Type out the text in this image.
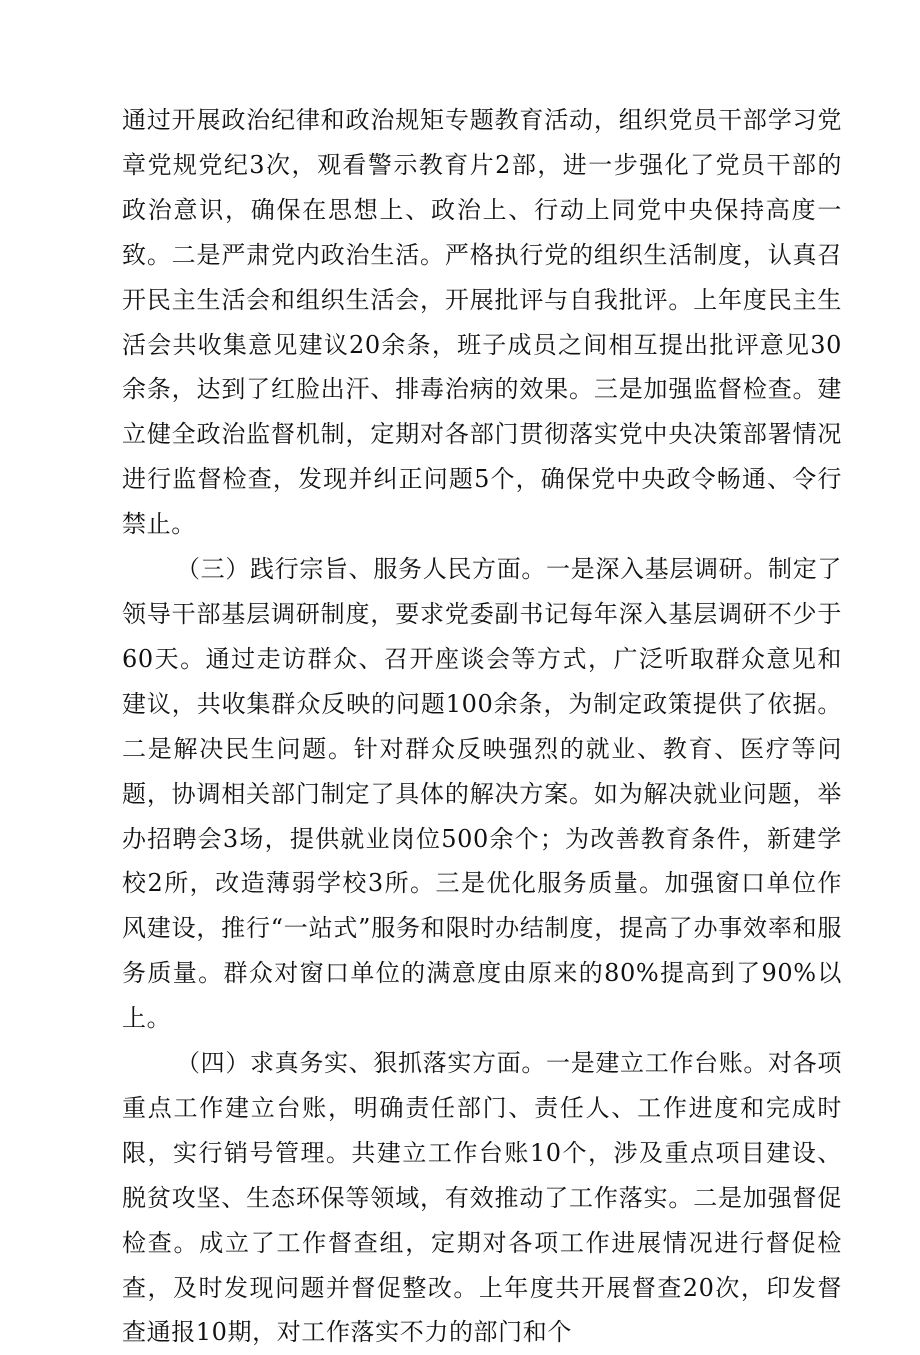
通过开展政治纪律和政治规矩专题教育活动，组织党员干部学习党章党规党纪3次，观看警示教育片2部，进一步强化了党员干部的政治意识，确保在思想上、政治上、行动上同党中央保持高度一致。二是严肃党内政治生活。严格执行党的组织生活制度，认真召开民主生活会和组织生活会，开展批评与自我批评。上年度民主生活会共收集意见建议20余条，班子成员之间相互提出批评意见30余条，达到了红脸出汗、排毒治病的效果。三是加强监督检查。建立健全政治监督机制，定期对各部门贯彻落实党中央决策部署情况进行监督检查，发现并纠正问题5个，确保党中央政令畅通、令行禁止。

（三）践行宗旨、服务人民方面。一是深入基层调研。制定了领导干部基层调研制度，要求党委副书记每年深入基层调研不少于60天。通过走访群众、召开座谈会等方式，广泛听取群众意见和建议，共收集群众反映的问题100余条，为制定政策提供了依据。二是解决民生问题。针对群众反映强烈的就业、教育、医疗等问题，协调相关部门制定了具体的解决方案。如为解决就业问题，举办招聘会3场，提供就业岗位500余个；为改善教育条件，新建学校2所，改造薄弱学校3所。三是优化服务质量。加强窗口单位作风建设，推行“一站式”服务和限时办结制度，提高了办事效率和服务质量。群众对窗口单位的满意度由原来的80%提高到了90%以上。

（四）求真务实、狠抓落实方面。一是建立工作台账。对各项重点工作建立台账，明确责任部门、责任人、工作进度和完成时限，实行销号管理。共建立工作台账10个，涉及重点项目建设、脱贫攻坚、生态环保等领域，有效推动了工作落实。二是加强督促检查。成立了工作督查组，定期对各项工作进展情况进行督促检查，及时发现问题并督促整改。上年度共开展督查20次，印发督查通报10期，对工作落实不力的部门和个
